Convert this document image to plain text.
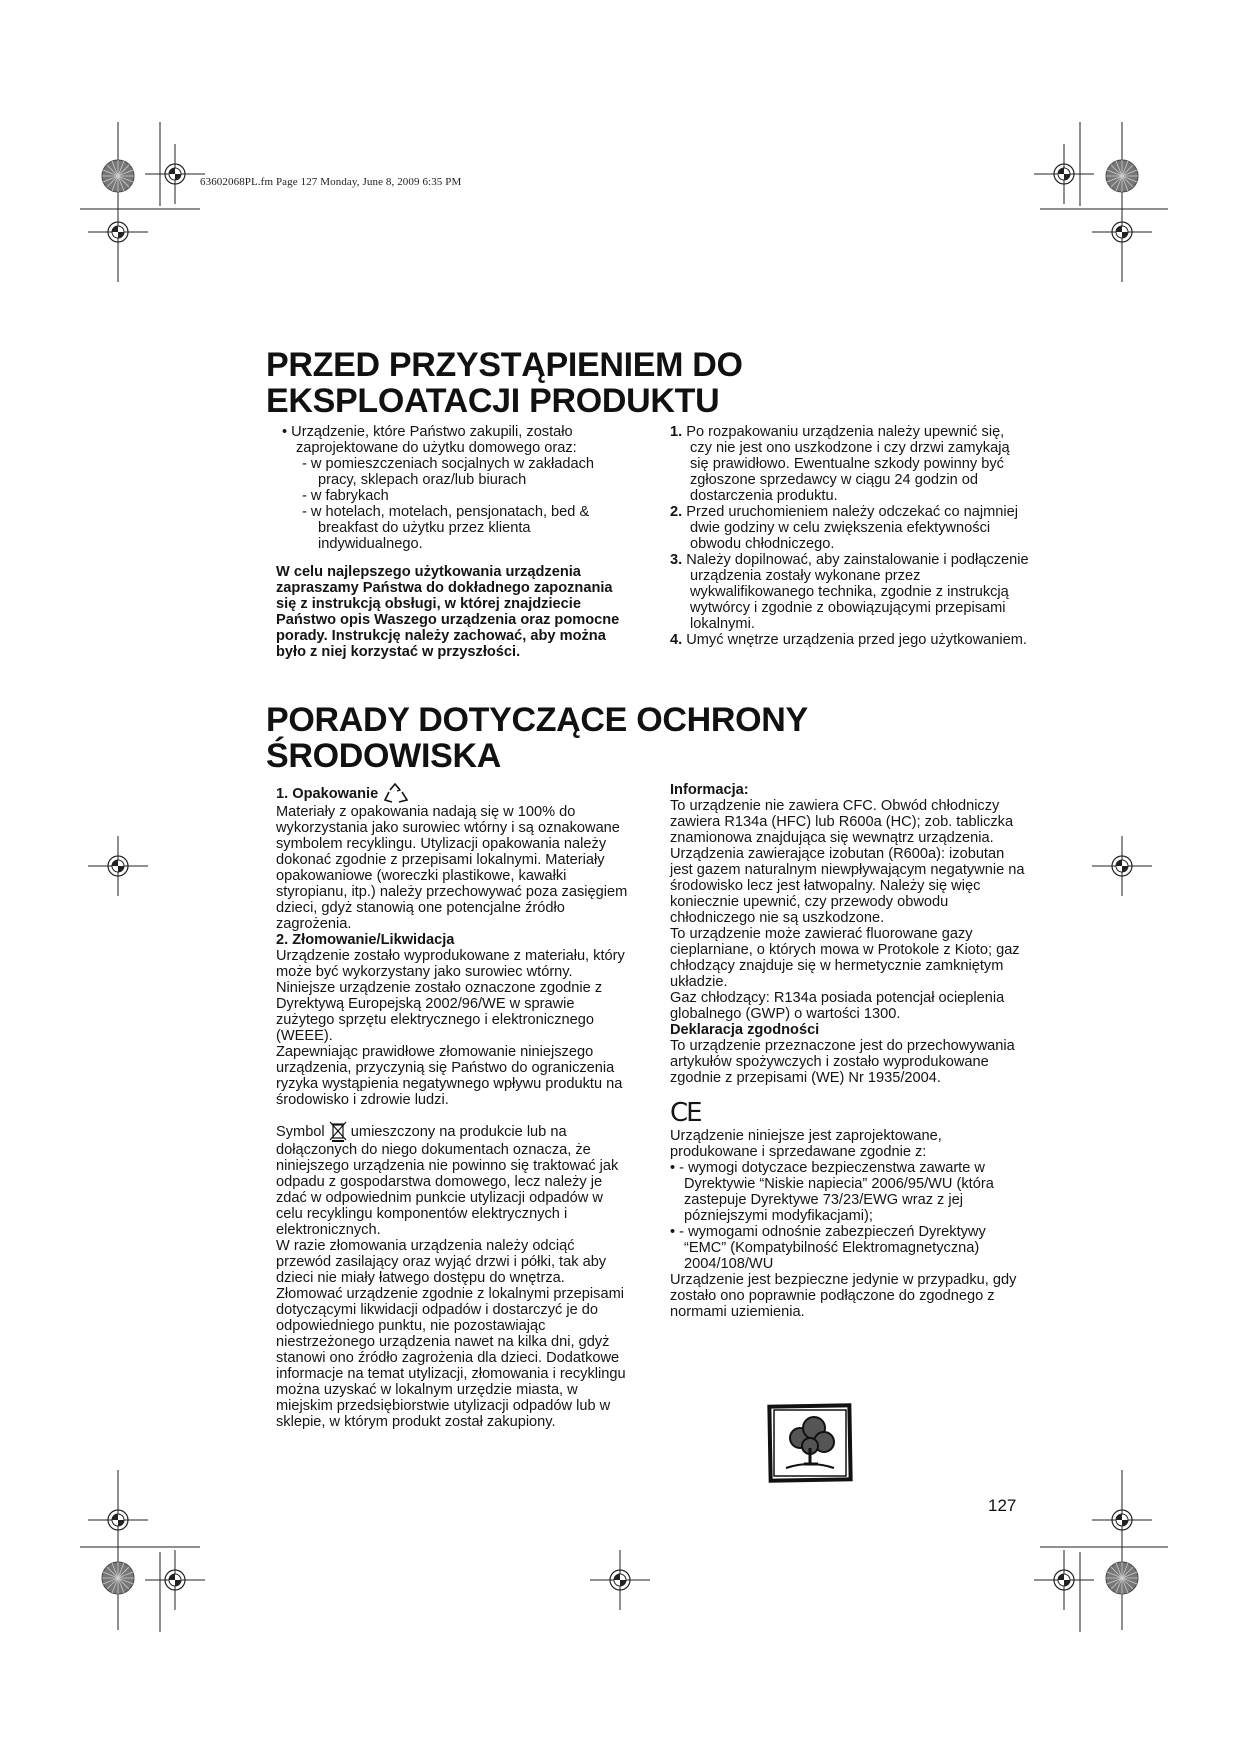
63602068PL.fm Page 127 Monday, June 8, 2009 6:35 PM
PRZED PRZYSTĄPIENIEM DO
EKSPLOATACJI PRODUKTU

• Urządzenie, które Państwo zakupili, zostało zaprojektowane do użytku domowego oraz:

- w pomieszczeniach socjalnych w zakładach pracy, sklepach oraz/lub biurach

- w fabrykach

- w hotelach, motelach, pensjonatach, bed & breakfast do użytku przez klienta indywidualnego.

W celu najlepszego użytkowania urządzenia zapraszamy Państwa do dokładnego zapoznania się z instrukcją obsługi, w której znajdziecie Państwo opis Waszego urządzenia oraz pomocne porady. Instrukcję należy zachować, aby można było z niej korzystać w przyszłości.

1. Po rozpakowaniu urządzenia należy upewnić się, czy nie jest ono uszkodzone i czy drzwi zamykają się prawidłowo. Ewentualne szkody powinny być zgłoszone sprzedawcy w ciągu 24 godzin od dostarczenia produktu.

2. Przed uruchomieniem należy odczekać co najmniej dwie godziny w celu zwiększenia efektywności obwodu chłodniczego.

3. Należy dopilnować, aby zainstalowanie i podłączenie urządzenia zostały wykonane przez wykwalifikowanego technika, zgodnie z instrukcją wytwórcy i zgodnie z obowiązującymi przepisami lokalnymi.

4. Umyć wnętrze urządzenia przed jego użytkowaniem.

PORADY DOTYCZĄCE OCHRONY
ŚRODOWISKA

1. Opakowanie

Materiały z opakowania nadają się w 100% do wykorzystania jako surowiec wtórny i są oznakowane symbolem recyklingu. Utylizacji opakowania należy dokonać zgodnie z przepisami lokalnymi. Materiały opakowaniowe (woreczki plastikowe, kawałki styropianu, itp.) należy przechowywać poza zasięgiem dzieci, gdyż stanowią one potencjalne źródło zagrożenia.

2. Złomowanie/Likwidacja

Urządzenie zostało wyprodukowane z materiału, który może być wykorzystany jako surowiec wtórny.

Niniejsze urządzenie zostało oznaczone zgodnie z Dyrektywą Europejską 2002/96/WE w sprawie zużytego sprzętu elektrycznego i elektronicznego (WEEE).

Zapewniając prawidłowe złomowanie niniejszego urządzenia, przyczynią się Państwo do ograniczenia ryzyka wystąpienia negatywnego wpływu produktu na środowisko i zdrowie ludzi.

Symbol umieszczony na produkcie lub na dołączonych do niego dokumentach oznacza, że niniejszego urządzenia nie powinno się traktować jak odpadu z gospodarstwa domowego, lecz należy je zdać w odpowiednim punkcie utylizacji odpadów w celu recyklingu komponentów elektrycznych i elektronicznych.

W razie złomowania urządzenia należy odciąć przewód zasilający oraz wyjąć drzwi i półki, tak aby dzieci nie miały łatwego dostępu do wnętrza.

Złomować urządzenie zgodnie z lokalnymi przepisami dotyczącymi likwidacji odpadów i dostarczyć je do odpowiedniego punktu, nie pozostawiając niestrzeżonego urządzenia nawet na kilka dni, gdyż stanowi ono źródło zagrożenia dla dzieci. Dodatkowe informacje na temat utylizacji, złomowania i recyklingu można uzyskać w lokalnym urzędzie miasta, w miejskim przedsiębiorstwie utylizacji odpadów lub w sklepie, w którym produkt został zakupiony.

Informacja:

To urządzenie nie zawiera CFC. Obwód chłodniczy zawiera R134a (HFC) lub R600a (HC); zob. tabliczka znamionowa znajdująca się wewnątrz urządzenia.

Urządzenia zawierające izobutan (R600a): izobutan jest gazem naturalnym niewpływającym negatywnie na środowisko lecz jest łatwopalny. Należy się więc koniecznie upewnić, czy przewody obwodu chłodniczego nie są uszkodzone.

To urządzenie może zawierać fluorowane gazy cieplarniane, o których mowa w Protokole z Kioto; gaz chłodzący znajduje się w hermetycznie zamkniętym układzie.

Gaz chłodzący: R134a posiada potencjał ocieplenia globalnego (GWP) o wartości 1300.

Deklaracja zgodności

To urządzenie przeznaczone jest do przechowywania artykułów spożywczych i zostało wyprodukowane zgodnie z przepisami (WE) Nr 1935/2004.

CE

Urządzenie niniejsze jest zaprojektowane, produkowane i sprzedawane zgodnie z:

• - wymogi dotyczace bezpieczenstwa zawarte w Dyrektywie “Niskie napiecia” 2006/95/WU (która zastepuje Dyrektywe 73/23/EWG wraz z jej pózniejszymi modyfikacjami);

• - wymogami odnośnie zabezpieczeń Dyrektywy “EMC” (Kompatybilność Elektromagnetyczna) 2004/108/WU

Urządzenie jest bezpieczne jedynie w przypadku, gdy zostało ono poprawnie podłączone do zgodnego z normami uziemienia.

127
